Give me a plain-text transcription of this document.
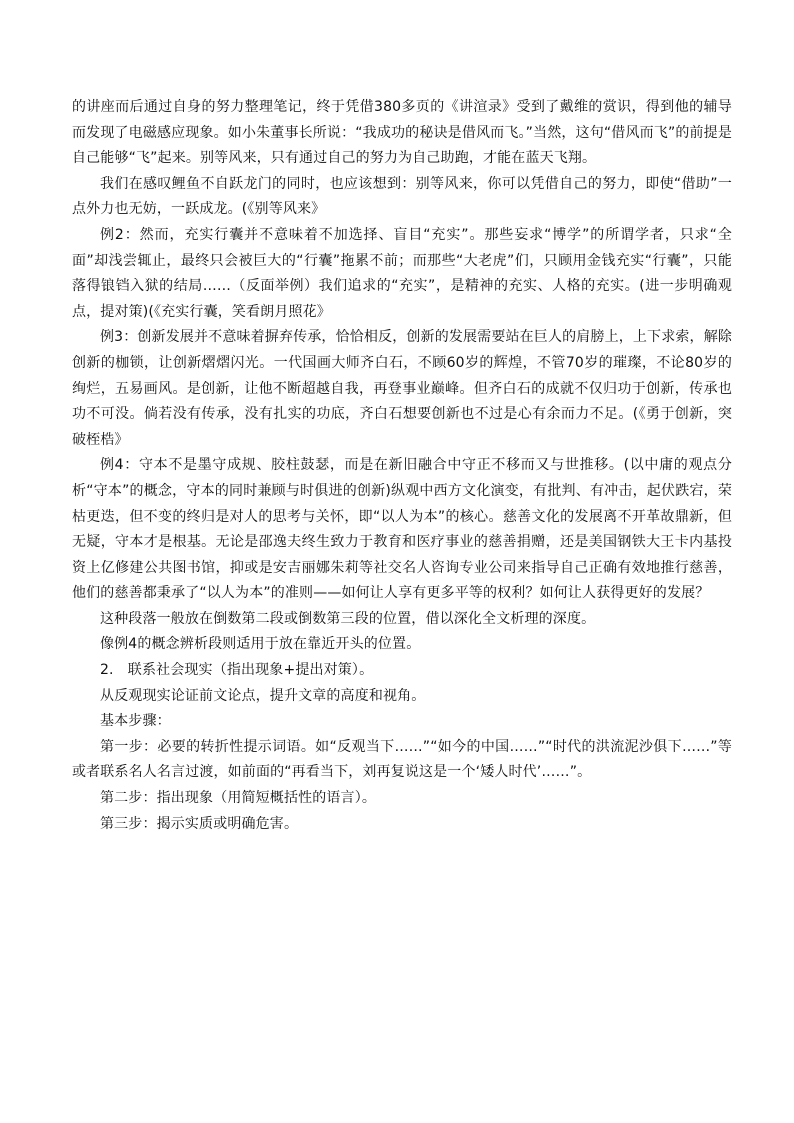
的讲座而后通过自身的努力整理笔记，终于凭借380多页的《讲渲录》受到了戴维的赏识，得到他的辅导而发现了电磁感应现象。如小朱董事长所说：“我成功的秘诀是借风而飞。”当然，这句“借风而飞”的前提是自己能够“飞”起来。别等风来，只有通过自己的努力为自己助跑，才能在蓝天飞翔。

我们在感叹鲤鱼不自跃龙门的同时，也应该想到：别等风来，你可以凭借自己的努力，即使“借助”一点外力也无妨，一跃成龙。(《别等风来》

例2：然而，充实行囊并不意味着不加选择、盲目“充实”。那些妄求“博学”的所谓学者，只求“全面”却浅尝辄止，最终只会被巨大的“行囊”拖累不前；而那些“大老虎”们，只顾用金钱充实“行囊”，只能落得锒铛入狱的结局……（反面举例）我们追求的“充实”，是精神的充实、人格的充实。(进一步明确观点，提对策)(《充实行囊，笑看朗月照花》

例3：创新发展并不意味着摒弃传承，恰恰相反，创新的发展需要站在巨人的肩膀上，上下求索，解除创新的枷锁，让创新熠熠闪光。一代国画大师齐白石，不顾60岁的辉煌，不管70岁的璀璨，不论80岁的绚烂，五易画风。是创新，让他不断超越自我，再登事业巅峰。但齐白石的成就不仅归功于创新，传承也功不可没。倘若没有传承，没有扎实的功底，齐白石想要创新也不过是心有余而力不足。(《勇于创新，突破桎梏》

例4：守本不是墨守成规、胶柱鼓瑟，而是在新旧融合中守正不移而又与世推移。(以中庸的观点分析“守本”的概念，守本的同时兼顾与时俱进的创新)纵观中西方文化演变，有批判、有冲击，起伏跌宕，荣枯更迭，但不变的终归是对人的思考与关怀，即“以人为本”的核心。慈善文化的发展离不开革故鼎新，但无疑，守本才是根基。无论是邵逸夫终生致力于教育和医疗事业的慈善捐赠，还是美国钢铁大王卡内基投资上亿修建公共图书馆，抑或是安吉丽娜朱莉等社交名人咨询专业公司来指导自己正确有效地推行慈善，他们的慈善都秉承了“以人为本”的准则——如何让人享有更多平等的权利？如何让人获得更好的发展？

这种段落一般放在倒数第二段或倒数第三段的位置，借以深化全文析理的深度。

像例4的概念辨析段则适用于放在靠近开头的位置。

2.　联系社会现实（指出现象+提出对策）。

从反观现实论证前文论点，提升文章的高度和视角。

基本步骤：

第一步：必要的转折性提示词语。如“反观当下……”“如今的中国……”“时代的洪流泥沙俱下……”等或者联系名人名言过渡，如前面的“再看当下，刘再复说这是一个‘矮人时代’……”。

第二步：指出现象（用简短概括性的语言）。

第三步：揭示实质或明确危害。
